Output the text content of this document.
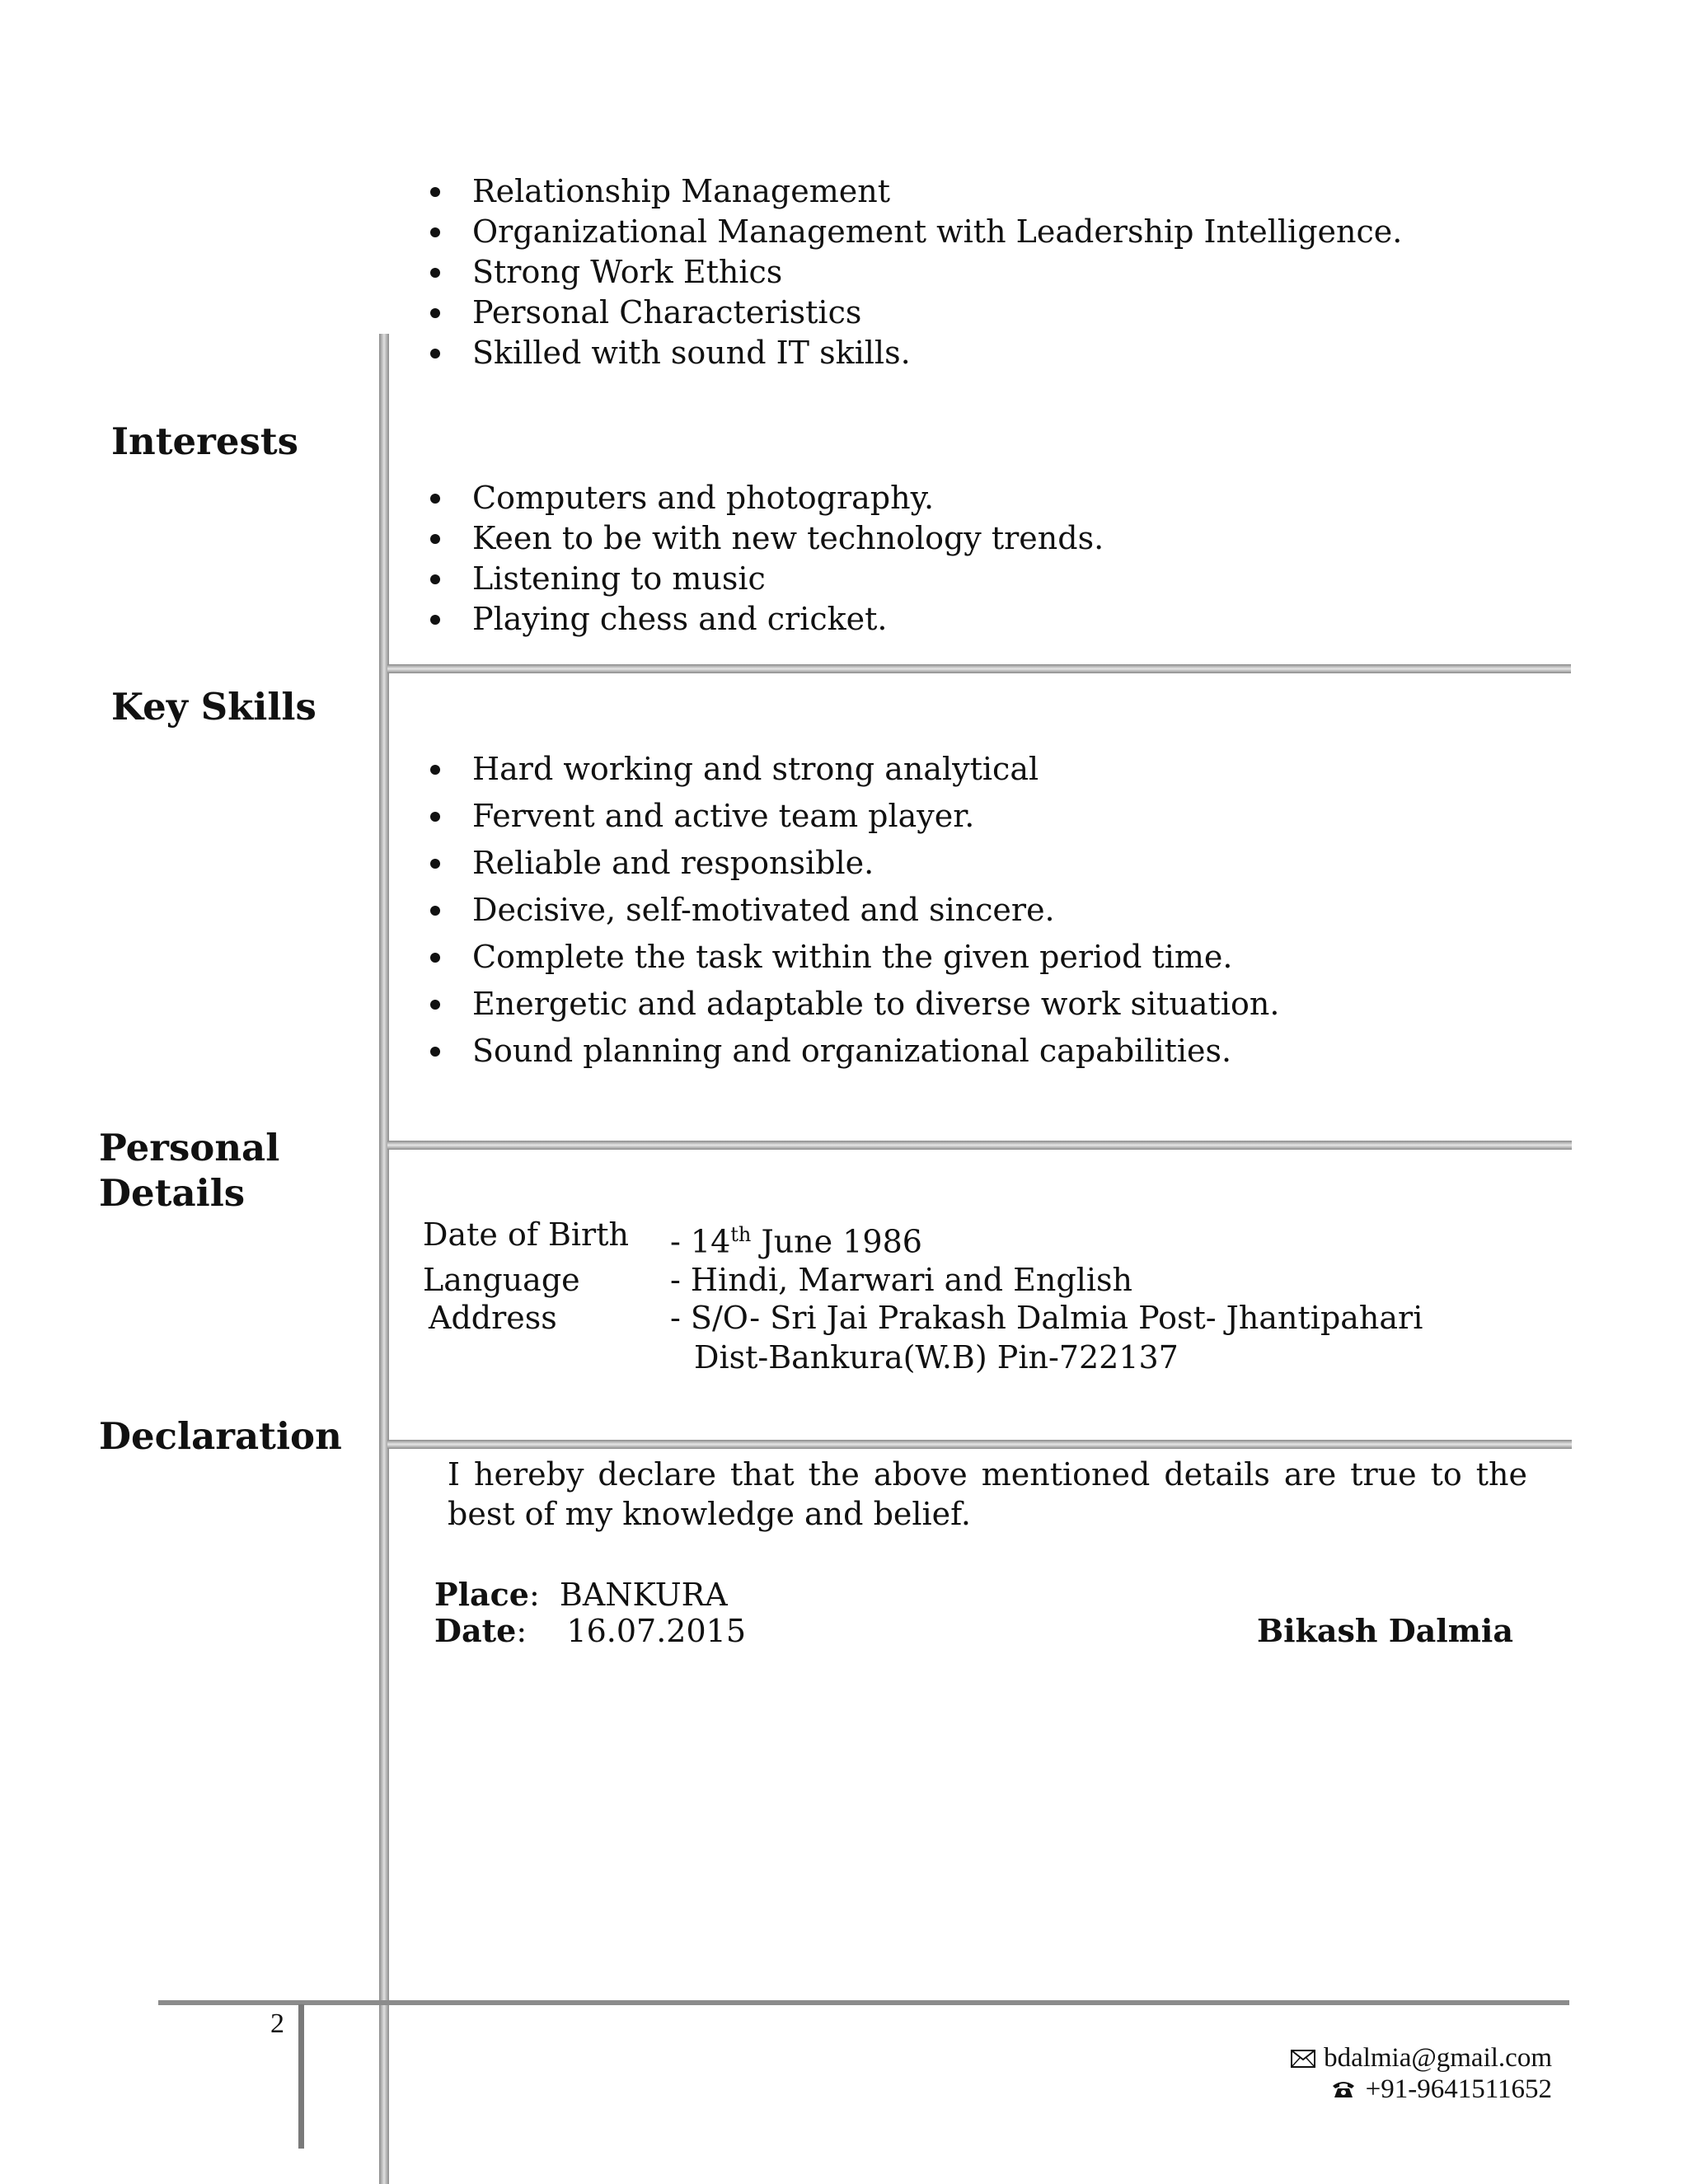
Relationship Management
Organizational Management with Leadership Intelligence.
Strong Work Ethics
Personal Characteristics
Skilled with sound IT skills.
Interests
Computers and photography.
Keen to be with new technology trends.
Listening to music
Playing chess and cricket.
Key Skills
Hard working and strong analytical
Fervent and active team player.
Reliable and responsible.
Decisive, self-motivated and sincere.
Complete the task within the given period time.
Energetic and adaptable to diverse work situation.
Sound planning and organizational capabilities.
Personal
Details
Date of Birth - 14th June 1986
Language	- Hindi, Marwari and English
Address	- S/O- Sri Jai Prakash Dalmia Post- Jhantipahari
Dist-Bankura(W.B) Pin-722137
Declaration
I hereby declare that the above mentioned details are true to the best of my knowledge and belief.
Place:  BANKURA
Date:    16.07.2015	Bikash Dalmia
2
bdalmia@gmail.com
+91-9641511652
